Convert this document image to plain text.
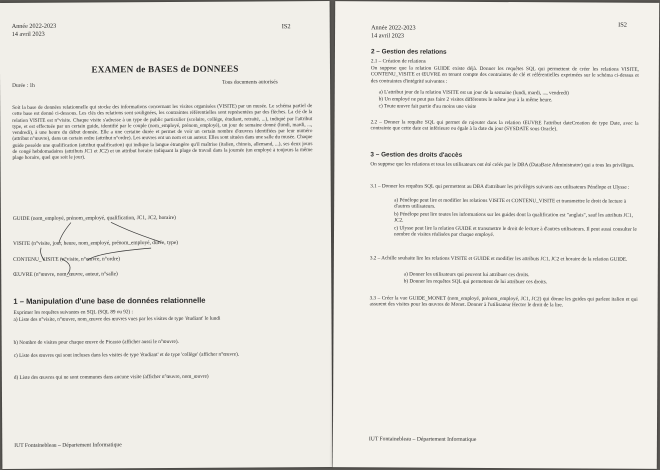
Année 2022-2023
14 avril 2023
IS2
EXAMEN de BASES de DONNEES
Durée : 1h
Tous documents autorisés
Soit la base de données relationnelle qui stocke des informations concernant les visites organisées (VISITE) par un musée. Le schéma partiel de cette base est donné ci-dessous. Les clés des relations sont soulignées, les contraintes référentielles sont représentées par des flèches. La clé de la relation VISITE est n°visite. Chaque visite s'adresse à un type de public particulier (scolaire, collège, étudiant, retraité, ...), indiqué par l'attribut type, et est effectuée par un certain guide, identifié par le couple (nom_employé, prénom_employé), un jour de semaine donné (lundi, mardi, ..., vendredi), à une heure du début donnée. Elle a une certaine durée et permet de voir un certain nombre d'œuvres identifiées par leur numéro (attribut n°œuvre), dans un certain ordre (attribut n°ordre). Les œuvres ont un nom et un auteur. Elles sont situées dans une salle du musée. Chaque guide possède une qualification (attribut qualification) qui indique la langue étrangère qu'il maîtrise (italien, chinois, allemand, ...), ses deux jours de congé hebdomadaires (attributs JC1 et JC2) et un attribut horaire indiquant la plage de travail dans la journée (un employé à toujours la même plage horaire, quel que soit le jour).
GUIDE (nom_employé, prénom_employé, qualification, JC1, JC2, horaire)
VISITE (n°visite, jour, heure, nom_employé, prénom_employé, durée, type)
CONTENU_VISITE (n°visite, n°œuvre, n°ordre)
ŒUVRE (n°œuvre, nom_œuvre, auteur, n°salle)
1 – Manipulation d'une base de données relationnelle
Exprimer les requêtes suivantes en SQL (SQL 89 ou 92) :
a) Liste des n°visite, n°œuvre, nom_œuvre des œuvres vues par les visites de type 'étudiant' le lundi
b) Nombre de visites pour chaque œuvre de Picasso (afficher aussi le n°œuvre).
c) Liste des œuvres qui sont incluses dans les visites de type 'étudiant' et de type 'collège' (afficher n°œuvre).
d) Liste des œuvres qui ne sont communes dans aucune visite (afficher n°œuvre, nom_œuvre)
IUT Fontainebleau – Département Informatique
Année 2022-2023
14 avril 2023
IS2
2 – Gestion des relations
2.1 – Création de relations
On suppose que la relation GUIDE existe déjà. Donner les requêtes SQL qui permettent de créer les relations VISITE, CONTENU_VISITE et ŒUVRE en tenant compte des contraintes de clé et référentielles exprimées sur le schéma ci-dessus et des contraintes d'intégrité suivantes :
a) L'attribut jour de la relation VISITE est un jour de la semaine (lundi, mardi, ..., vendredi)
b) Un employé ne peut pas faire 2 visites différentes le même jour à la même heure.
c) Toute œuvre fait partie d'au moins une visite
2.2 – Donner la requête SQL qui permet de rajouter dans la relation ŒUVRE l'attribut dateCreation de type Date, avec la contrainte que cette date est inférieure ou égale à la date du jour (SYSDATE sous Oracle).
3 – Gestion des droits d'accès
On suppose que les relations et tous les utilisateurs ont été créés par le DBA (DataBase Administrator) qui a tous les privilèges.
3.1 – Donner les requêtes SQL qui permettent au DBA d'attribuer les privilèges suivants aux utilisateurs Pénélope et Ulysse :
a) Pénélope peut lire et modifier les relations VISITE et CONTENU_VISITE et transmettre le droit de lecture à d'autres utilisateurs.
b) Pénélope peut lire toutes les informations sur les guides dont la qualification est "anglais", sauf les attributs JC1, JC2.
c) Ulysse peut lire la relation GUIDE et transmettre le droit de lecture à d'autres utilisateurs. Il peut aussi consulter le nombre de visites réalisées par chaque employé.
3.2 – Achille souhaite lire les relations VISITE et GUIDE et modifier les attributs JC1, JC2 et horaire de la relation GUIDE.
a) Donner les utilisateurs qui peuvent lui attribuer ces droits.
b) Donner les requêtes SQL qui permettent de lui attribuer ces droits.
3.3 – Créer la vue GUIDE_MONET (nom_employé, prénom_employé, JC1, JC2) qui donne les guides qui parlent italien et qui assurent des visites pour les œuvres de Monet. Donner à l'utilisateur Hector le droit de la lire.
IUT Fontainebleau – Département Informatique
